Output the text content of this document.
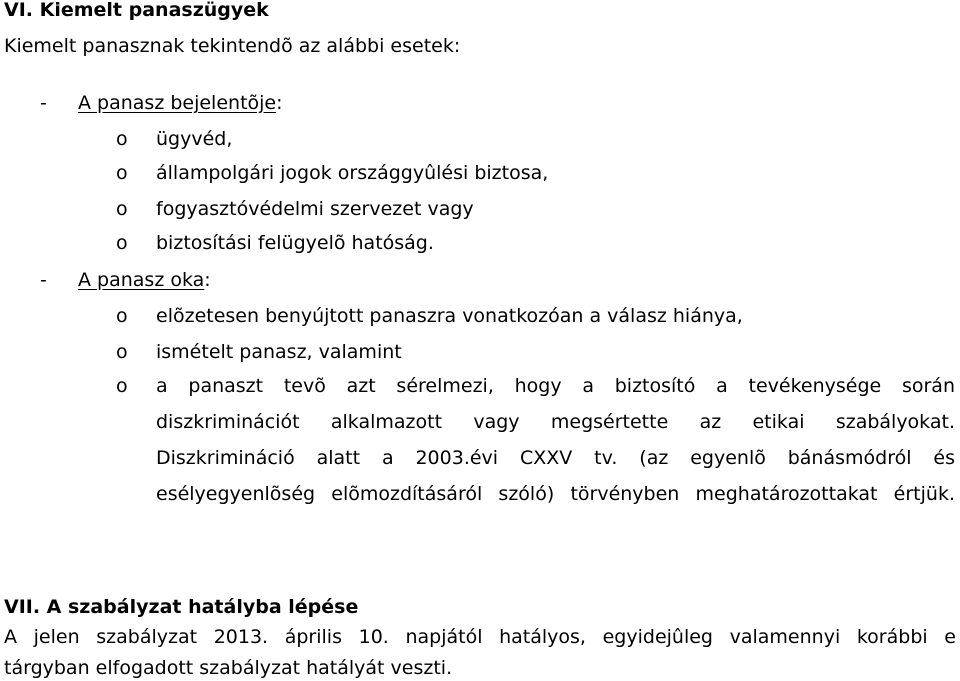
VI. Kiemelt panaszügyek
Kiemelt panasznak tekintendõ az alábbi esetek:
- A panasz bejelentõje:
o ügyvéd,
o állampolgári jogok országgyûlési biztosa,
o fogyasztóvédelmi szervezet vagy
o biztosítási felügyelõ hatóság.
- A panasz oka:
o elõzetesen benyújtott panaszra vonatkozóan a válasz hiánya,
o ismételt panasz, valamint
o a panaszt tevõ azt sérelmezi, hogy a biztosító a tevékenysége során
diszkriminációt alkalmazott vagy megsértette az etikai szabályokat.
Diszkrimináció alatt a 2003.évi CXXV tv. (az egyenlõ bánásmódról és
esélyegyenlõség elõmozdításáról szóló) törvényben meghatározottakat értjük.
VII. A szabályzat hatályba lépése
A jelen szabályzat 2013. április 10. napjától hatályos, egyidejûleg valamennyi korábbi e
tárgyban elfogadott szabályzat hatályát veszti.
